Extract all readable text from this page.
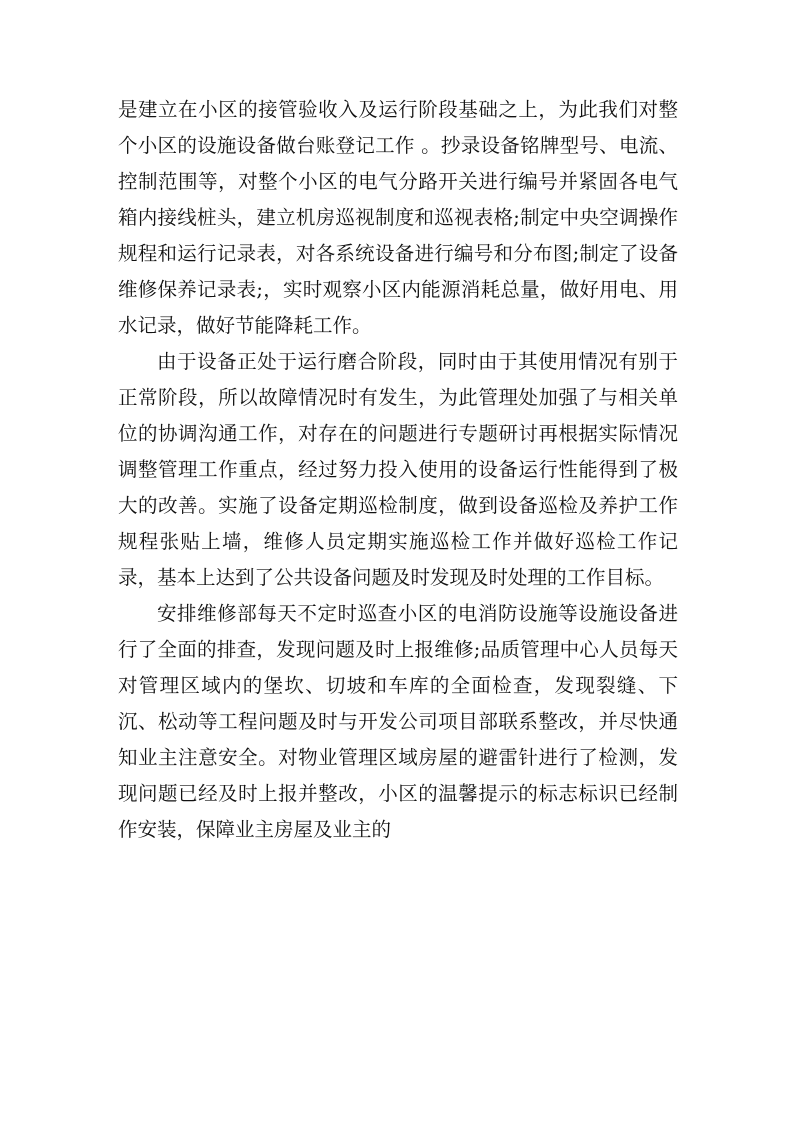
是建立在小区的接管验收入及运行阶段基础之上，为此我们对整个小区的设施设备做台账登记工作 。抄录设备铭牌型号、电流、控制范围等，对整个小区的电气分路开关进行编号并紧固各电气箱内接线桩头，建立机房巡视制度和巡视表格;制定中央空调操作规程和运行记录表，对各系统设备进行编号和分布图;制定了设备维修保养记录表;，实时观察小区内能源消耗总量，做好用电、用水记录，做好节能降耗工作。

由于设备正处于运行磨合阶段，同时由于其使用情况有别于正常阶段，所以故障情况时有发生，为此管理处加强了与相关单位的协调沟通工作，对存在的问题进行专题研讨再根据实际情况调整管理工作重点，经过努力投入使用的设备运行性能得到了极大的改善。实施了设备定期巡检制度，做到设备巡检及养护工作规程张贴上墙，维修人员定期实施巡检工作并做好巡检工作记录，基本上达到了公共设备问题及时发现及时处理的工作目标。

安排维修部每天不定时巡查小区的电消防设施等设施设备进行了全面的排查，发现问题及时上报维修;品质管理中心人员每天对管理区域内的堡坎、切坡和车库的全面检查，发现裂缝、下沉、松动等工程问题及时与开发公司项目部联系整改，并尽快通知业主注意安全。对物业管理区域房屋的避雷针进行了检测，发现问题已经及时上报并整改，小区的温馨提示的标志标识已经制作安装，保障业主房屋及业主的
